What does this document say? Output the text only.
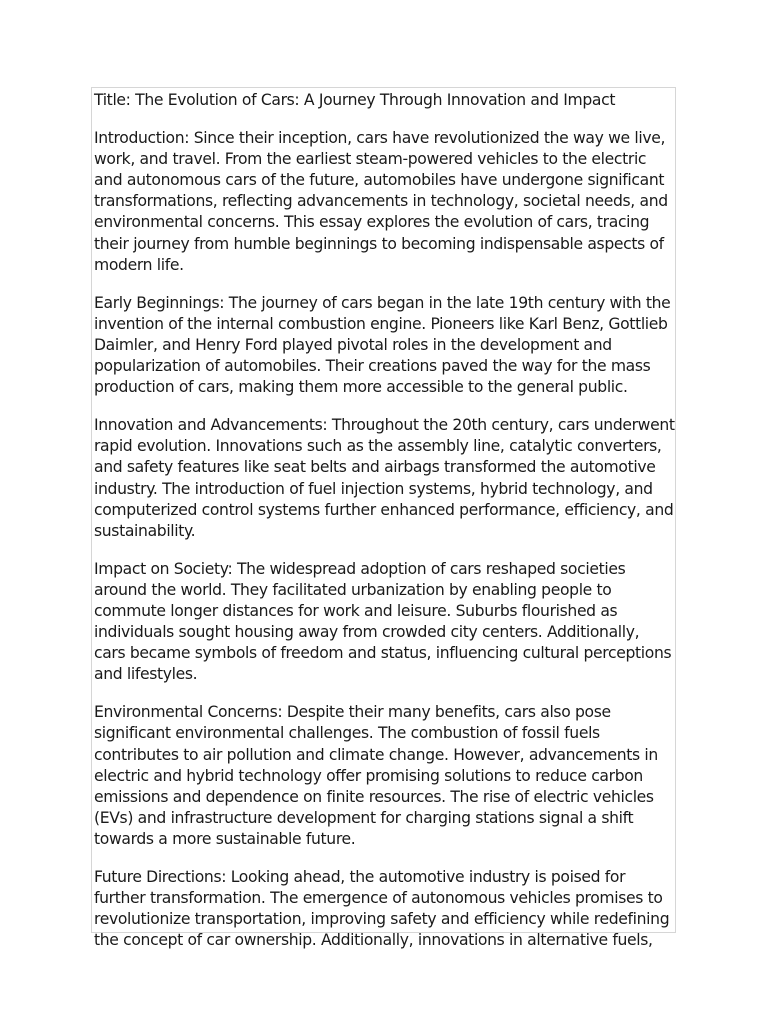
Title: The Evolution of Cars: A Journey Through Innovation and Impact

Introduction: Since their inception, cars have revolutionized the way we live, work, and travel. From the earliest steam-powered vehicles to the electric and autonomous cars of the future, automobiles have undergone significant transformations, reflecting advancements in technology, societal needs, and environmental concerns. This essay explores the evolution of cars, tracing their journey from humble beginnings to becoming indispensable aspects of modern life.

Early Beginnings: The journey of cars began in the late 19th century with the invention of the internal combustion engine. Pioneers like Karl Benz, Gottlieb Daimler, and Henry Ford played pivotal roles in the development and popularization of automobiles. Their creations paved the way for the mass production of cars, making them more accessible to the general public.

Innovation and Advancements: Throughout the 20th century, cars underwent rapid evolution. Innovations such as the assembly line, catalytic converters, and safety features like seat belts and airbags transformed the automotive industry. The introduction of fuel injection systems, hybrid technology, and computerized control systems further enhanced performance, efficiency, and sustainability.

Impact on Society: The widespread adoption of cars reshaped societies around the world. They facilitated urbanization by enabling people to commute longer distances for work and leisure. Suburbs flourished as individuals sought housing away from crowded city centers. Additionally, cars became symbols of freedom and status, influencing cultural perceptions and lifestyles.

Environmental Concerns: Despite their many benefits, cars also pose significant environmental challenges. The combustion of fossil fuels contributes to air pollution and climate change. However, advancements in electric and hybrid technology offer promising solutions to reduce carbon emissions and dependence on finite resources. The rise of electric vehicles (EVs) and infrastructure development for charging stations signal a shift towards a more sustainable future.

Future Directions: Looking ahead, the automotive industry is poised for further transformation. The emergence of autonomous vehicles promises to revolutionize transportation, improving safety and efficiency while redefining the concept of car ownership. Additionally, innovations in alternative fuels,
